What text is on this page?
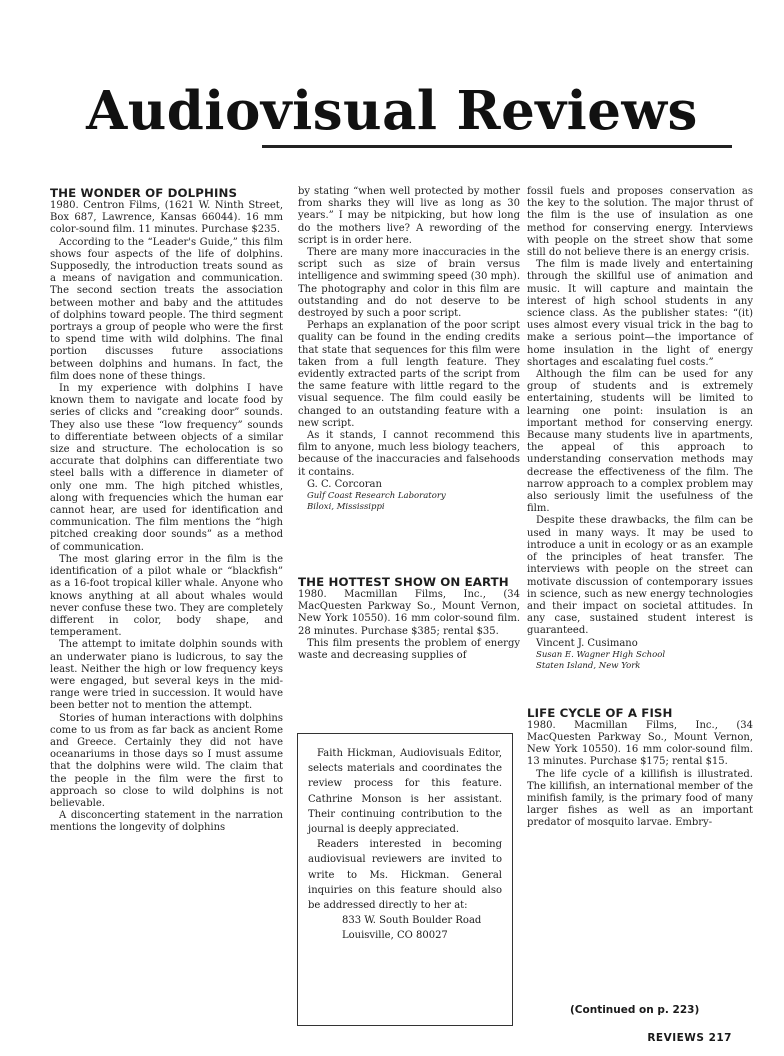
Audiovisual Reviews
THE WONDER OF DOLPHINS

1980. Centron Films, (1621 W. Ninth Street, Box 687, Lawrence, Kansas 66044). 16 mm color-sound film. 11 minutes. Purchase $235.

According to the “Leader's Guide,” this film shows four aspects of the life of dolphins. Supposedly, the introduction treats sound as a means of navigation and communication. The second section treats the association between mother and baby and the attitudes of dolphins toward people. The third segment portrays a group of people who were the first to spend time with wild dolphins. The final portion discusses future associations between dolphins and humans. In fact, the film does none of these things.

In my experience with dolphins I have known them to navigate and locate food by series of clicks and “creaking door” sounds. They also use these “low frequency” sounds to differentiate between objects of a similar size and structure. The echolocation is so accurate that dolphins can differentiate two steel balls with a difference in diameter of only one mm. The high pitched whistles, along with frequencies which the human ear cannot hear, are used for identification and communication. The film mentions the “high pitched creaking door sounds” as a method of communication.

The most glaring error in the film is the identification of a pilot whale or “blackfish” as a 16-foot tropical killer whale. Anyone who knows anything at all about whales would never confuse these two. They are completely different in color, body shape, and temperament.

The attempt to imitate dolphin sounds with an underwater piano is ludicrous, to say the least. Neither the high or low frequency keys were engaged, but several keys in the mid-range were tried in succession. It would have been better not to mention the attempt.

Stories of human interactions with dolphins come to us from as far back as ancient Rome and Greece. Certainly they did not have oceanariums in those days so I must assume that the dolphins were wild. The claim that the people in the film were the first to approach so close to wild dolphins is not believable.

A disconcerting statement in the narration mentions the longevity of dolphins

by stating “when well protected by mother from sharks they will live as long as 30 years.” I may be nitpicking, but how long do the mothers live? A rewording of the script is in order here.

There are many more inaccuracies in the script such as size of brain versus intelligence and swimming speed (30 mph). The photography and color in this film are outstanding and do not deserve to be destroyed by such a poor script.

Perhaps an explanation of the poor script quality can be found in the ending credits that state that sequences for this film were taken from a full length feature. They evidently extracted parts of the script from the same feature with little regard to the visual sequence. The film could easily be changed to an outstanding feature with a new script.

As it stands, I cannot recommend this film to anyone, much less biology teachers, because of the inaccuracies and falsehoods it contains.

G. C. Corcoran

Gulf Coast Research Laboratory

Biloxi, Mississippi

THE HOTTEST SHOW ON EARTH

1980. Macmillan Films, Inc., (34 MacQuesten Parkway So., Mount Vernon, New York 10550). 16 mm color-sound film. 28 minutes. Purchase $385; rental $35.

This film presents the problem of energy waste and decreasing supplies of

Faith Hickman, Audiovisuals Editor, selects materials and coordinates the review process for this feature. Cathrine Monson is her assistant. Their continuing contribution to the journal is deeply appreciated.

Readers interested in becoming audiovisual reviewers are invited to write to Ms. Hickman. General inquiries on this feature should also be addressed directly to her at:

833 W. South Boulder Road

Louisville, CO 80027

fossil fuels and proposes conservation as the key to the solution. The major thrust of the film is the use of insulation as one method for conserving energy. Interviews with people on the street show that some still do not believe there is an energy crisis.

The film is made lively and entertaining through the skillful use of animation and music. It will capture and maintain the interest of high school students in any science class. As the publisher states: “(it) uses almost every visual trick in the bag to make a serious point—the importance of home insulation in the light of energy shortages and escalating fuel costs.”

Although the film can be used for any group of students and is extremely entertaining, students will be limited to learning one point: insulation is an important method for conserving energy. Because many students live in apartments, the appeal of this approach to understanding conservation methods may decrease the effectiveness of the film. The narrow approach to a complex problem may also seriously limit the usefulness of the film.

Despite these drawbacks, the film can be used in many ways. It may be used to introduce a unit in ecology or as an example of the principles of heat transfer. The interviews with people on the street can motivate discussion of contemporary issues in science, such as new energy technologies and their impact on societal attitudes. In any case, sustained student interest is guaranteed.

Vincent J. Cusimano

Susan E. Wagner High School

Staten Island, New York

LIFE CYCLE OF A FISH

1980. Macmillan Films, Inc., (34 MacQuesten Parkway So., Mount Vernon, New York 10550). 16 mm color-sound film. 13 minutes. Purchase $175; rental $15.

The life cycle of a killifish is illustrated. The killifish, an international member of the minifish family, is the primary food of many larger fishes as well as an important predator of mosquito larvae. Embry-

(Continued on p. 223)
REVIEWS 217
